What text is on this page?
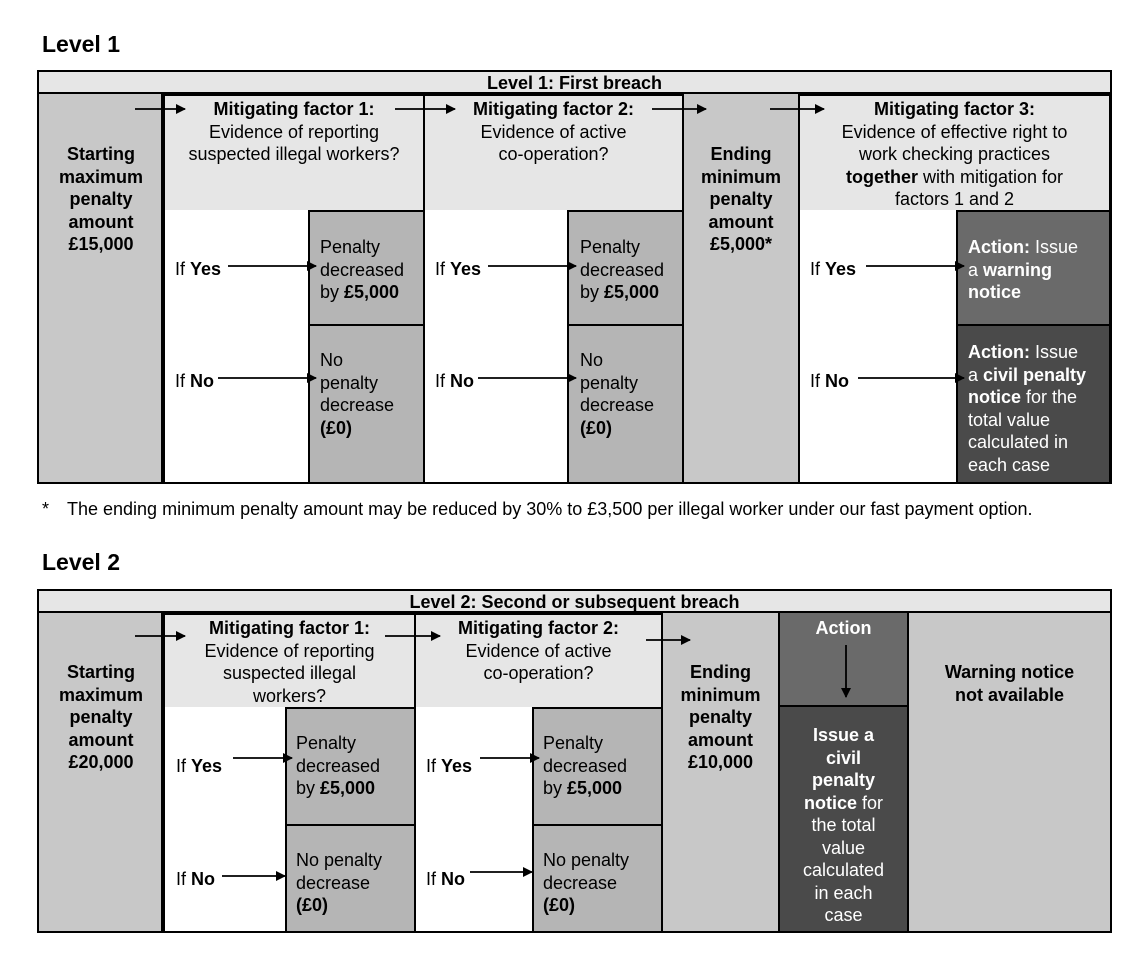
Level 1
Level 1: First breach
Starting
maximum
penalty
amount
£15,000
Mitigating factor 1:
Evidence of reporting
suspected illegal workers?
If Yes
If No
Penalty
decreased
by £5,000
No
penalty
decrease
(£0)
Mitigating factor 2:
Evidence of active
co-operation?
If Yes
If No
Penalty
decreased
by £5,000
No
penalty
decrease
(£0)
Ending
minimum
penalty
amount
£5,000*
Mitigating factor 3:
Evidence of effective right to
work checking practices
together with mitigation for
factors 1 and 2
If Yes
If No
Action: Issue
a warning
notice
Action: Issue
a civil penalty
notice for the
total value
calculated in
each case
* The ending minimum penalty amount may be reduced by 30% to £3,500 per illegal worker under our fast payment option.
Level 2
Level 2: Second or subsequent breach
Starting
maximum
penalty
amount
£20,000
Mitigating factor 1:
Evidence of reporting
suspected illegal
workers?
If Yes
If No
Penalty
decreased
by £5,000
No penalty
decrease
(£0)
Mitigating factor 2:
Evidence of active
co-operation?
If Yes
If No
Penalty
decreased
by £5,000
No penalty
decrease
(£0)
Ending
minimum
penalty
amount
£10,000
Action
Issue a
civil
penalty
notice for
the total
value
calculated
in each
case
Warning notice
not available
